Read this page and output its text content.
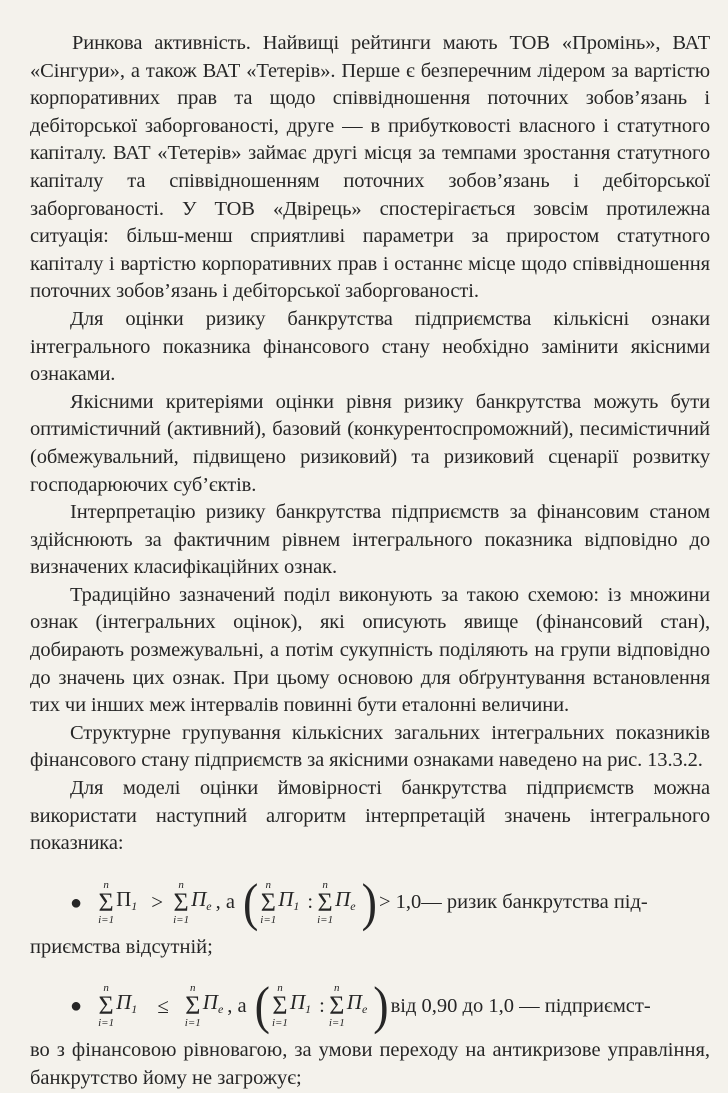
Ринкова активність. Найвищі рейтинги мають ТОВ «Промінь», ВАТ «Сінгури», а також ВАТ «Тетерів». Перше є безперечним лідером за вартістю корпоративних прав та щодо співвідношення поточних зобов’язань і дебіторської заборгованості, друге — в прибутковості власного і статутного капіталу. ВАТ «Тетерів» займає другі місця за темпами зростання статутного капіталу та співвідношенням поточних зобов’язань і дебіторської заборгованості. У ТОВ «Двірець» спостерігається зовсім протилежна ситуація: більш-менш сприятливі параметри за приростом статутного капіталу і вартістю корпоративних прав і останнє місце щодо співвідношення поточних зобов’язань і дебіторської заборгованості.

Для оцінки ризику банкрутства підприємства кількісні ознаки інтегрального показника фінансового стану необхідно замінити якісними ознаками.

Якісними критеріями оцінки рівня ризику банкрутства можуть бути оптимістичний (активний), базовий (конкурентоспроможний), песимістичний (обмежувальний, підвищено ризиковий) та ризиковий сценарії розвитку господарюючих суб’єктів.

Інтерпретацію ризику банкрутства підприємств за фінансовим станом здійснюють за фактичним рівнем інтегрального показника відповідно до визначених класифікаційних ознак.

Традиційно зазначений поділ виконують за такою схемою: із множини ознак (інтегральних оцінок), які описують явище (фінансовий стан), добирають розмежувальні, а потім сукупність поділяють на групи відповідно до значень цих ознак. При цьому основою для обґрунтування встановлення тих чи інших меж інтервалів повинні бути еталонні величини.

Структурне групування кількісних загальних інтегральних показників фінансового стану підприємств за якісними ознаками наведено на рис. 13.3.2.

Для моделі оцінки ймовірності банкрутства підприємств можна використати наступний алгоритм інтерпретацій значень інтегрального показника:

●
n
Σ
i=1
$П_1$ >
n
Σ
i=1
$П_е$ , а ( n
Σ
i=1
$П_1$ :
n
Σ
i=1
$П_е$ ) > 1,0 — ризик банкрутства під-

приємства відсутній;

●
n
Σ
i=1
$П_1$ ≤
n
Σ
i=1
$П_е$ , а ( n
Σ
i=1
$П_1$ :
n
Σ
i=1
$П_е$ ) від 0,90 до 1,0 — підприємст-

во з фінансовою рівновагою, за умови переходу на антикризове управління, банкрутство йому не загрожує;
